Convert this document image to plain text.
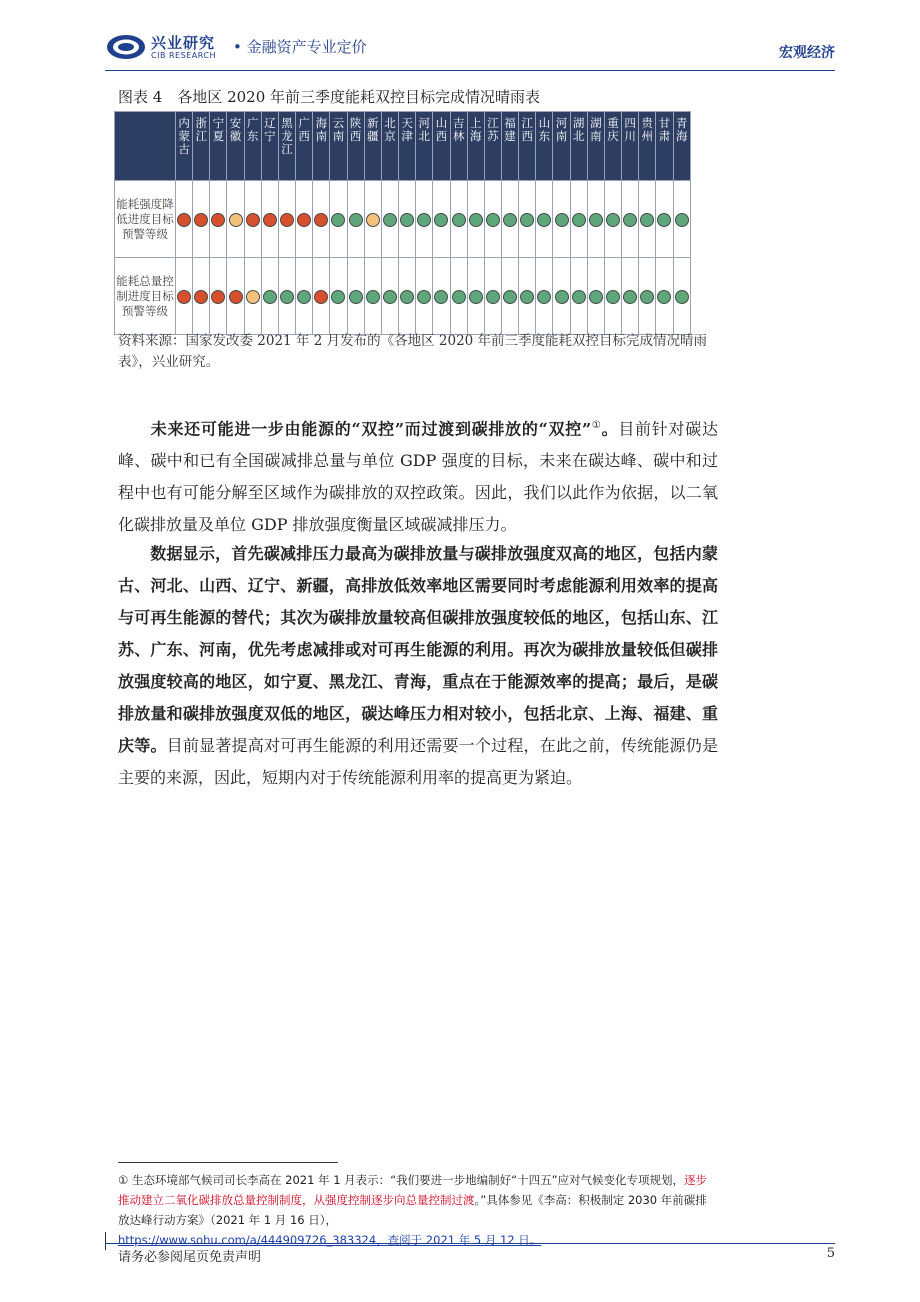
兴业研究
CIB RESEARCH • 金融资产专业定价	宏观经济
图表 4　各地区 2020 年前三季度能耗双控目标完成情况晴雨表
	内蒙古	浙江	宁夏	安徽	广东	辽宁	黑龙江	广西	海南	云南	陕西	新疆	北京	天津	河北	山西	吉林	上海	江苏	福建	江西	山东	河南	湖北	湖南	重庆	四川	贵州	甘肃	青海
能耗强度降低进度目标预警等级																														
能耗总量控制进度目标预警等级																														
资料来源：国家发改委 2021 年 2 月发布的《各地区 2020 年前三季度能耗双控目标完成情况晴雨表》，兴业研究。
未来还可能进一步由能源的“双控”而过渡到碳排放的“双控”①。目前针对碳达峰、碳中和已有全国碳减排总量与单位 GDP 强度的目标，未来在碳达峰、碳中和过程中也有可能分解至区域作为碳排放的双控政策。因此，我们以此作为依据，以二氧化碳排放量及单位 GDP 排放强度衡量区域碳减排压力。
数据显示，首先碳减排压力最高为碳排放量与碳排放强度双高的地区，包括内蒙古、河北、山西、辽宁、新疆，高排放低效率地区需要同时考虑能源利用效率的提高与可再生能源的替代；其次为碳排放量较高但碳排放强度较低的地区，包括山东、江苏、广东、河南，优先考虑减排或对可再生能源的利用。再次为碳排放量较低但碳排放强度较高的地区，如宁夏、黑龙江、青海，重点在于能源效率的提高；最后，是碳排放量和碳排放强度双低的地区，碳达峰压力相对较小，包括北京、上海、福建、重庆等。目前显著提高对可再生能源的利用还需要一个过程，在此之前，传统能源仍是主要的来源，因此，短期内对于传统能源利用率的提高更为紧迫。
① 生态环境部气候司司长李高在 2021 年 1 月表示：“我们要进一步地编制好“十四五”应对气候变化专项规划，逐步推动建立二氧化碳排放总量控制制度，从强度控制逐步向总量控制过渡。”具体参见《李高：积极制定 2030 年前碳排放达峰行动方案》（2021 年 1 月 16 日），
https://www.sohu.com/a/444909726_383324，查阅于 2021 年 5 月 12 日。
请务必参阅尾页免责声明	5
